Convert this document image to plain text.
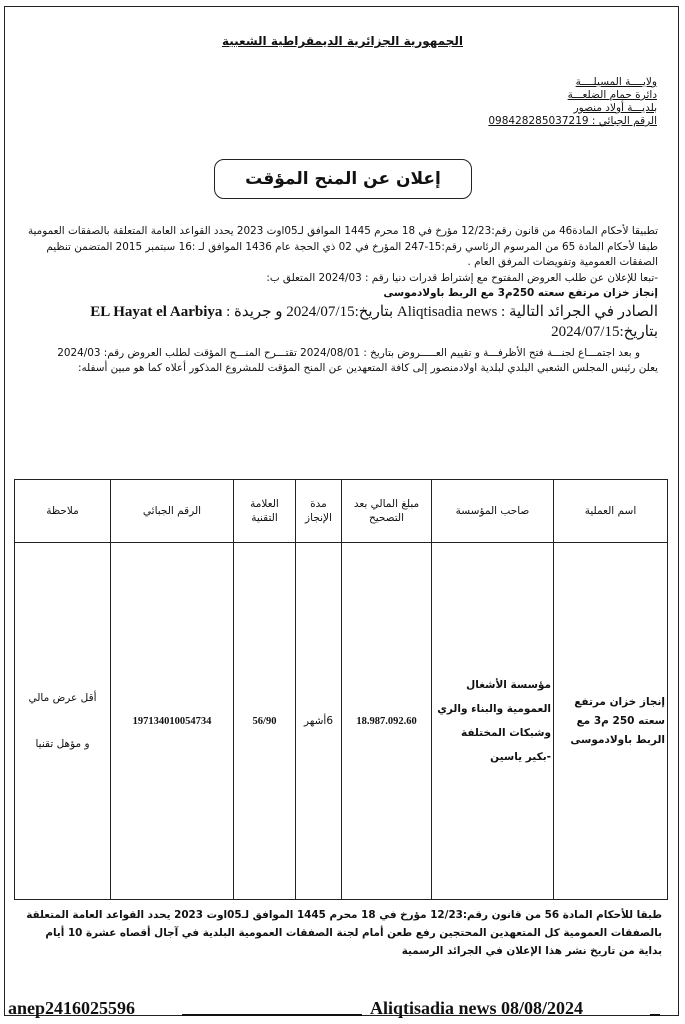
الجمهورية الجزائرية الديمقراطية الشعبية
ولايــــة المسيلــــة
دائرة حمام الضلعـــة
بلديـــة أولاد منصور
الرقم الجبائي : 098428285037219
إعلان عن المنح المؤقت

تطبيقا لأحكام المادة46 من قانون رقم:12/23 مؤرخ في 18 محرم 1445 الموافق لـ05اوت 2023 يحدد القواعد العامة المتعلقة بالصفقات العمومية

طبقا لأحكام المادة 65 من المرسوم الرئاسي رقم:15-247 المؤرخ في 02 ذي الحجة عام 1436 الموافق لـ :16 سبتمبر 2015 المتضمن تنظيم الصفقات العمومية وتفويضات المرفق العام .

-تبعا للإعلان عن طلب العروض المفتوح مع إشتراط قدرات دنيا رقم : 2024/03 المتعلق ب:

إنجاز خزان مرتفع سعته 250م3 مع الربط باولادموسى

الصادر في الجرائد التالية : Aliqtisadia news بتاريخ:2024/07/15 و جريدة : EL Hayat el Aarbiya بتاريخ:2024/07/15

و بعد اجتمـــاع لجنـــة فتح الأظرفـــة و تقييم العـــــروض بتاريخ : 2024/08/01 تقتـــرح المنـــح المؤقت لطلب العروض رقم: 2024/03

يعلن رئيس المجلس الشعبي البلدي لبلدية اولادمنصور إلى كافة المتعهدين عن المنح المؤقت للمشروع المذكور أعلاه كما هو مبين أسفله:

اسم العملية	صاحب المؤسسة	مبلغ المالي بعد التصحيح	مدة الإنجاز	العلامة التقنية	الرقم الجبائي	ملاحظة
إنجاز خزان مرتفع سعته 250 م3 مع الربط باولادموسى	مؤسسة الأشغال العمومية والبناء والري وشبكات المختلفة -بكير ياسين	18.987.092.60	6أشهر	56/90	197134010054734	أقل عرض مالي
و مؤهل تقنيا
طبقا للأحكام المادة 56 من قانون رقم:12/23 مؤرخ في 18 محرم 1445 الموافق لـ05اوت 2023 يحدد القواعد العامة المتعلقة بالصفقات العمومية كل المتعهدين المحتجين رفع طعن أمام لجنة الصفقات العمومية البلدية في آجال أقصاه عشرة 10 أيام بداية من تاريخ نشر هذا الإعلان في الجرائد الرسمية
anep2416025596	Aliqtisadia news 08/08/2024
